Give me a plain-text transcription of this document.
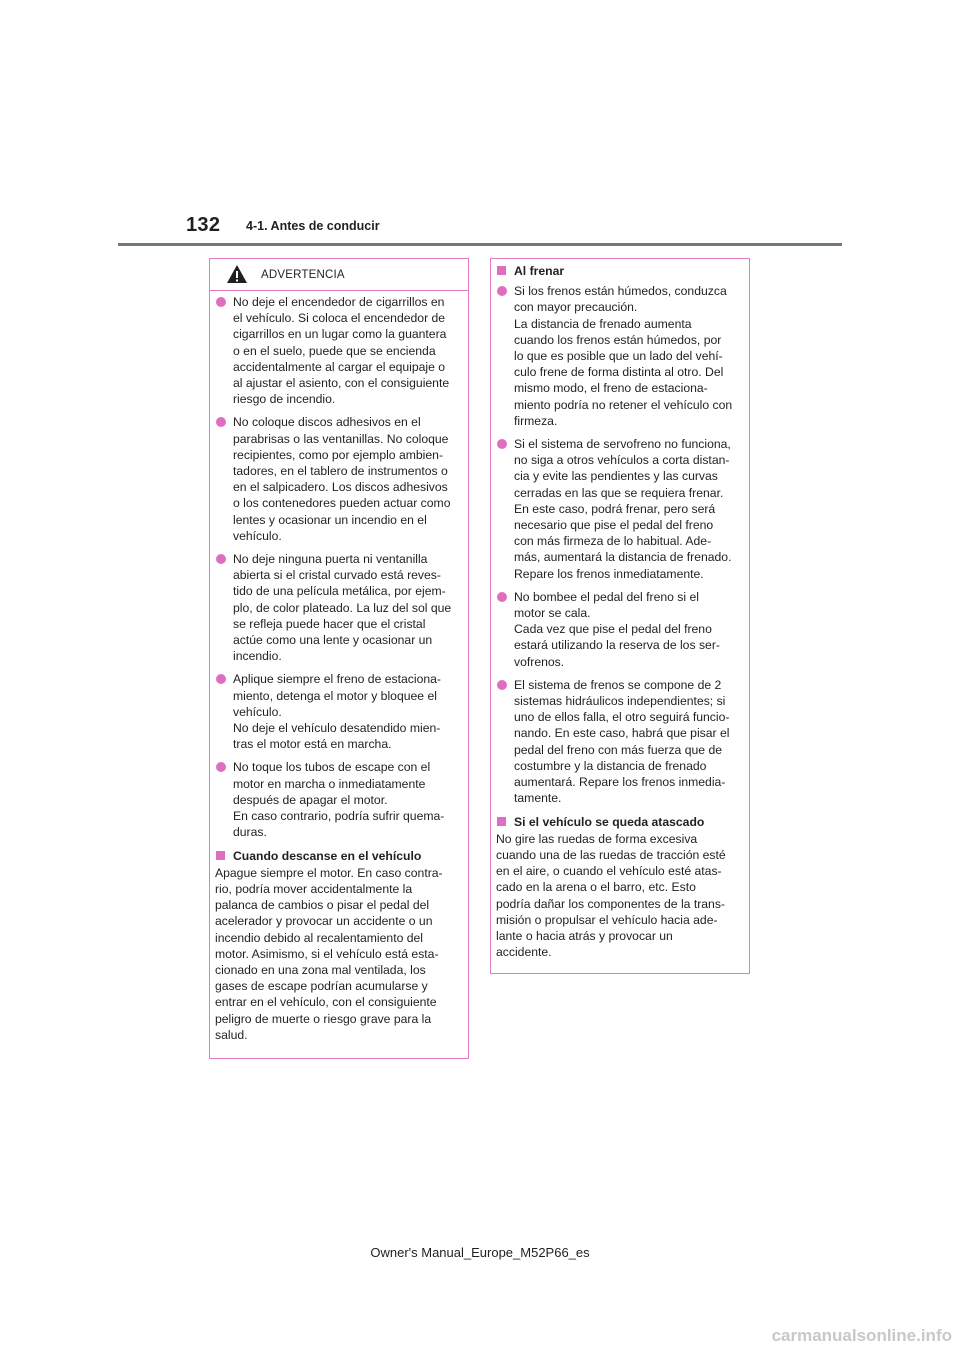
132 4-1. Antes de conducir
ADVERTENCIA
No deje el encendedor de cigarrillos en
el vehículo. Si coloca el encendedor de
cigarrillos en un lugar como la guantera
o en el suelo, puede que se encienda
accidentalmente al cargar el equipaje o
al ajustar el asiento, con el consiguiente
riesgo de incendio.
No coloque discos adhesivos en el
parabrisas o las ventanillas. No coloque
recipientes, como por ejemplo ambien-
tadores, en el tablero de instrumentos o
en el salpicadero. Los discos adhesivos
o los contenedores pueden actuar como
lentes y ocasionar un incendio en el
vehículo.
No deje ninguna puerta ni ventanilla
abierta si el cristal curvado está reves-
tido de una película metálica, por ejem-
plo, de color plateado. La luz del sol que
se refleja puede hacer que el cristal
actúe como una lente y ocasionar un
incendio.
Aplique siempre el freno de estaciona-
miento, detenga el motor y bloquee el
vehículo.
No deje el vehículo desatendido mien-
tras el motor está en marcha.
No toque los tubos de escape con el
motor en marcha o inmediatamente
después de apagar el motor.
En caso contrario, podría sufrir quema-
duras.
Cuando descanse en el vehículo
Apague siempre el motor. En caso contra-
rio, podría mover accidentalmente la
palanca de cambios o pisar el pedal del
acelerador y provocar un accidente o un
incendio debido al recalentamiento del
motor. Asimismo, si el vehículo está esta-
cionado en una zona mal ventilada, los
gases de escape podrían acumularse y
entrar en el vehículo, con el consiguiente
peligro de muerte o riesgo grave para la
salud.
Al frenar
Si los frenos están húmedos, conduzca
con mayor precaución.
La distancia de frenado aumenta
cuando los frenos están húmedos, por
lo que es posible que un lado del vehí-
culo frene de forma distinta al otro. Del
mismo modo, el freno de estaciona-
miento podría no retener el vehículo con
firmeza.
Si el sistema de servofreno no funciona,
no siga a otros vehículos a corta distan-
cia y evite las pendientes y las curvas
cerradas en las que se requiera frenar.
En este caso, podrá frenar, pero será
necesario que pise el pedal del freno
con más firmeza de lo habitual. Ade-
más, aumentará la distancia de frenado.
Repare los frenos inmediatamente.
No bombee el pedal del freno si el
motor se cala.
Cada vez que pise el pedal del freno
estará utilizando la reserva de los ser-
vofrenos.
El sistema de frenos se compone de 2
sistemas hidráulicos independientes; si
uno de ellos falla, el otro seguirá funcio-
nando. En este caso, habrá que pisar el
pedal del freno con más fuerza que de
costumbre y la distancia de frenado
aumentará. Repare los frenos inmedia-
tamente.
Si el vehículo se queda atascado
No gire las ruedas de forma excesiva
cuando una de las ruedas de tracción esté
en el aire, o cuando el vehículo esté atas-
cado en la arena o el barro, etc. Esto
podría dañar los componentes de la trans-
misión o propulsar el vehículo hacia ade-
lante o hacia atrás y provocar un
accidente.
Owner's Manual_Europe_M52P66_es
carmanualsonline.info
